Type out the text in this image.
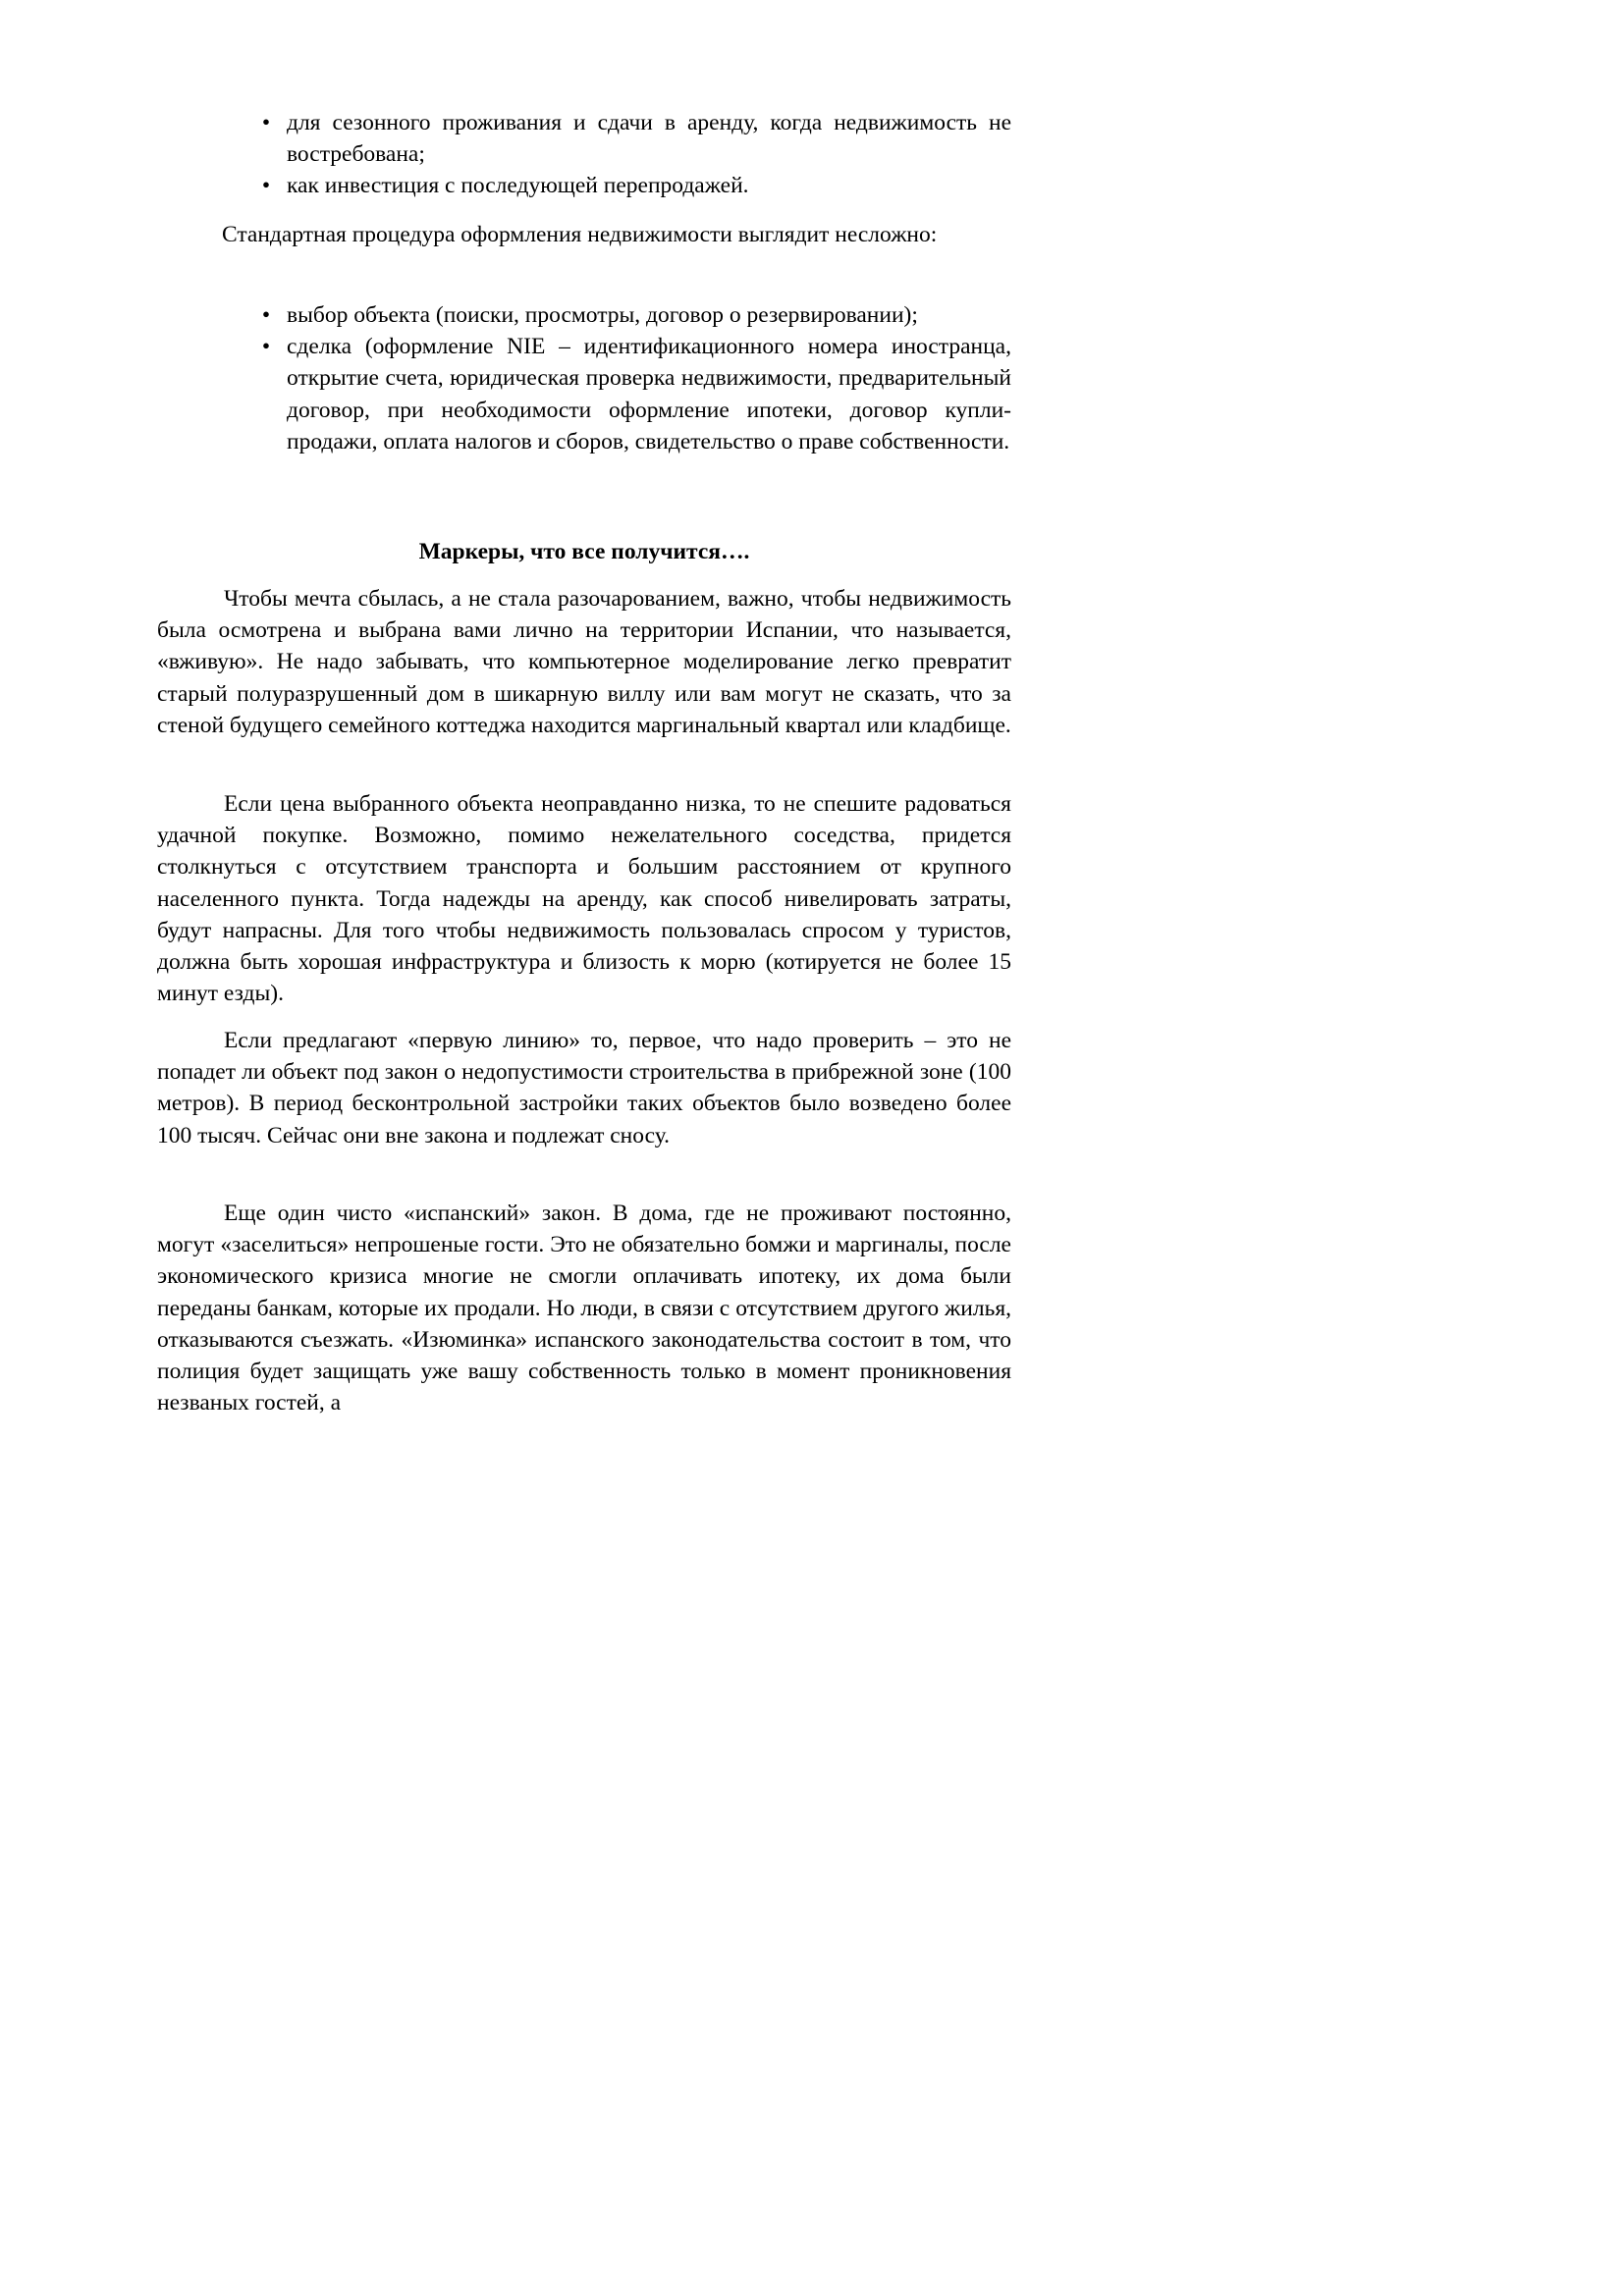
• для сезонного проживания и сдачи в аренду, когда недвижимость не востребована;
• как инвестиция с последующей перепродажей.
Стандартная процедура оформления недвижимости выглядит несложно:
• выбор объекта (поиски, просмотры, договор о резервировании);
• сделка (оформление NIE – идентификационного номера иностранца, открытие счета, юридическая проверка недвижимости, предварительный договор, при необходимости оформление ипотеки, договор купли-продажи, оплата налогов и сборов, свидетельство о праве собственности.
Маркеры, что все получится….

Чтобы мечта сбылась, а не стала разочарованием, важно, чтобы недвижимость была осмотрена и выбрана вами лично на территории Испании, что называется, «вживую». Не надо забывать, что компьютерное моделирование легко превратит старый полуразрушенный дом в шикарную виллу или вам могут не сказать, что за стеной будущего семейного коттеджа находится маргинальный квартал или кладбище.

Если цена выбранного объекта неоправданно низка, то не спешите радоваться удачной покупке. Возможно, помимо нежелательного соседства, придется столкнуться с отсутствием транспорта и большим расстоянием от крупного населенного пункта. Тогда надежды на аренду, как способ нивелировать затраты, будут напрасны. Для того чтобы недвижимость пользовалась спросом у туристов, должна быть хорошая инфраструктура и близость к морю (котируется не более 15 минут езды).

Если предлагают «первую линию» то, первое, что надо проверить – это не попадет ли объект под закон о недопустимости строительства в прибрежной зоне (100 метров). В период бесконтрольной застройки таких объектов было возведено более 100 тысяч. Сейчас они вне закона и подлежат сносу.

Еще один чисто «испанский» закон. В дома, где не проживают постоянно, могут «заселиться» непрошеные гости. Это не обязательно бомжи и маргиналы, после экономического кризиса многие не смогли оплачивать ипотеку, их дома были переданы банкам, которые их продали. Но люди, в связи с отсутствием другого жилья, отказываются съезжать. «Изюминка» испанского законодательства состоит в том, что полиция будет защищать уже вашу собственность только в момент проникновения незваных гостей, а
